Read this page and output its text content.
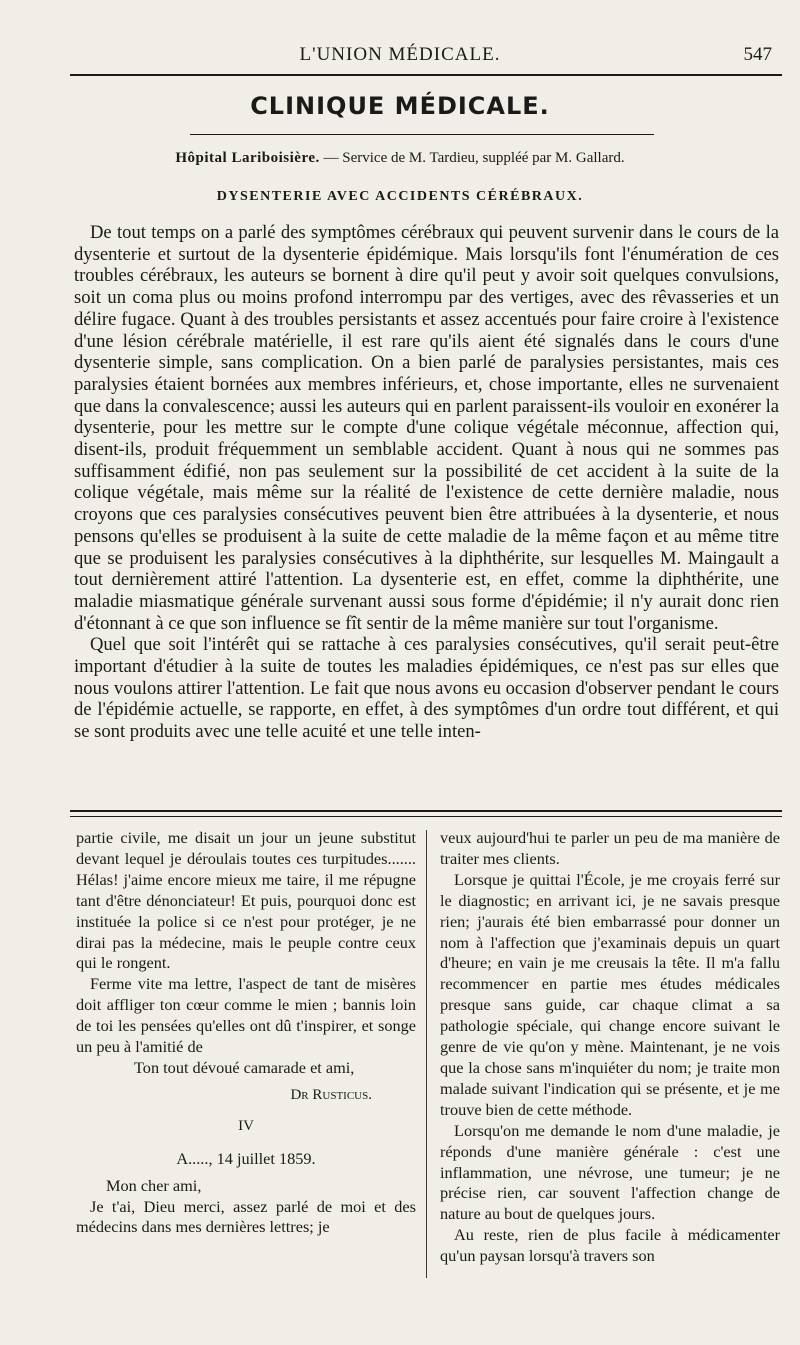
L'UNION MÉDICALE.	547
CLINIQUE MÉDICALE.
Hôpital Lariboisière. — Service de M. Tardieu, suppléé par M. Gallard.
DYSENTERIE AVEC ACCIDENTS CÉRÉBRAUX.

De tout temps on a parlé des symptômes cérébraux qui peuvent survenir dans le cours de la dysenterie et surtout de la dysenterie épidémique. Mais lorsqu'ils font l'énumération de ces troubles cérébraux, les auteurs se bornent à dire qu'il peut y avoir soit quelques convulsions, soit un coma plus ou moins profond interrompu par des vertiges, avec des rêvasseries et un délire fugace. Quant à des troubles persistants et assez accentués pour faire croire à l'existence d'une lésion cérébrale matérielle, il est rare qu'ils aient été signalés dans le cours d'une dysenterie simple, sans complication. On a bien parlé de paralysies persistantes, mais ces paralysies étaient bornées aux membres inférieurs, et, chose importante, elles ne survenaient que dans la convalescence; aussi les auteurs qui en parlent paraissent-ils vouloir en exonérer la dysenterie, pour les mettre sur le compte d'une colique végétale méconnue, affection qui, disent-ils, produit fréquemment un semblable accident. Quant à nous qui ne sommes pas suffisamment édifié, non pas seulement sur la possibilité de cet accident à la suite de la colique végétale, mais même sur la réalité de l'existence de cette dernière maladie, nous croyons que ces paralysies consécutives peuvent bien être attribuées à la dysenterie, et nous pensons qu'elles se produisent à la suite de cette maladie de la même façon et au même titre que se produisent les paralysies consécutives à la diphthérite, sur lesquelles M. Maingault a tout dernièrement attiré l'attention. La dysenterie est, en effet, comme la diphthérite, une maladie miasmatique générale survenant aussi sous forme d'épidémie; il n'y aurait donc rien d'étonnant à ce que son influence se fît sentir de la même manière sur tout l'organisme.

Quel que soit l'intérêt qui se rattache à ces paralysies consécutives, qu'il serait peut-être important d'étudier à la suite de toutes les maladies épidémiques, ce n'est pas sur elles que nous voulons attirer l'attention. Le fait que nous avons eu occasion d'observer pendant le cours de l'épidémie actuelle, se rapporte, en effet, à des symptômes d'un ordre tout différent, et qui se sont produits avec une telle acuité et une telle inten-

partie civile, me disait un jour un jeune substitut devant lequel je déroulais toutes ces turpitudes....... Hélas! j'aime encore mieux me taire, il me répugne tant d'être dénonciateur! Et puis, pourquoi donc est instituée la police si ce n'est pour protéger, je ne dirai pas la médecine, mais le peuple contre ceux qui le rongent.

Ferme vite ma lettre, l'aspect de tant de misères doit affliger ton cœur comme le mien ; bannis loin de toi les pensées qu'elles ont dû t'inspirer, et songe un peu à l'amitié de

Ton tout dévoué camarade et ami,

Dr Rusticus.

IV

A....., 14 juillet 1859.

Mon cher ami,

Je t'ai, Dieu merci, assez parlé de moi et des médecins dans mes dernières lettres; je

veux aujourd'hui te parler un peu de ma manière de traiter mes clients.

Lorsque je quittai l'École, je me croyais ferré sur le diagnostic; en arrivant ici, je ne savais presque rien; j'aurais été bien embarrassé pour donner un nom à l'affection que j'examinais depuis un quart d'heure; en vain je me creusais la tête. Il m'a fallu recommencer en partie mes études médicales presque sans guide, car chaque climat a sa pathologie spéciale, qui change encore suivant le genre de vie qu'on y mène. Maintenant, je ne vois que la chose sans m'inquiéter du nom; je traite mon malade suivant l'indication qui se présente, et je me trouve bien de cette méthode.

Lorsqu'on me demande le nom d'une maladie, je réponds d'une manière générale : c'est une inflammation, une névrose, une tumeur; je ne précise rien, car souvent l'affection change de nature au bout de quelques jours.

Au reste, rien de plus facile à médicamenter qu'un paysan lorsqu'à travers son
